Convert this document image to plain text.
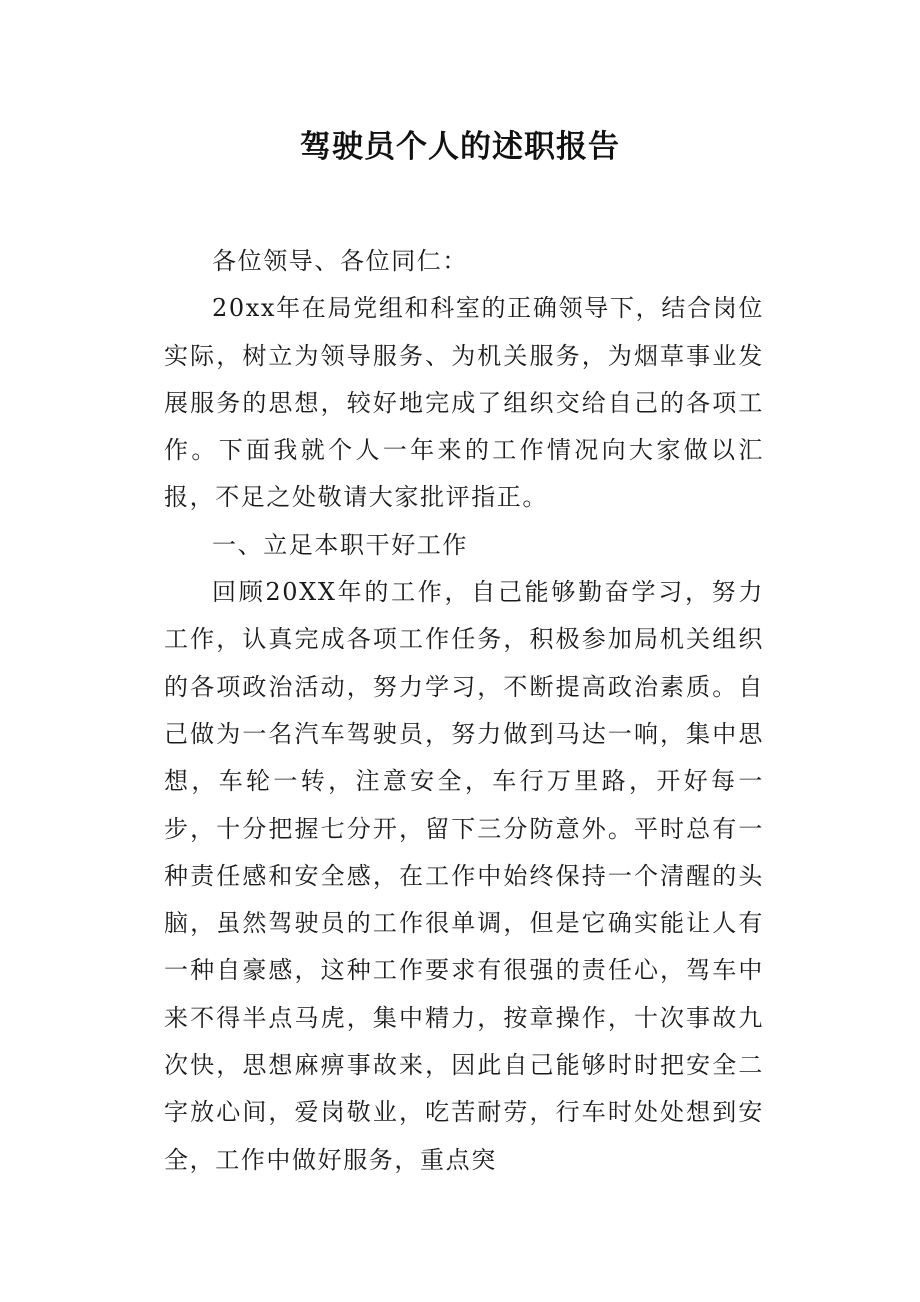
驾驶员个人的述职报告

各位领导、各位同仁：

20xx年在局党组和科室的正确领导下，结合岗位实际，树立为领导服务、为机关服务，为烟草事业发展服务的思想，较好地完成了组织交给自己的各项工作。下面我就个人一年来的工作情况向大家做以汇报，不足之处敬请大家批评指正。

一、立足本职干好工作

回顾20XX年的工作，自己能够勤奋学习，努力工作，认真完成各项工作任务，积极参加局机关组织的各项政治活动，努力学习，不断提高政治素质。自己做为一名汽车驾驶员，努力做到马达一响，集中思想，车轮一转，注意安全，车行万里路，开好每一步，十分把握七分开，留下三分防意外。平时总有一种责任感和安全感，在工作中始终保持一个清醒的头脑，虽然驾驶员的工作很单调，但是它确实能让人有一种自豪感，这种工作要求有很强的责任心，驾车中来不得半点马虎，集中精力，按章操作，十次事故九次快，思想麻痹事故来，因此自己能够时时把安全二字放心间，爱岗敬业，吃苦耐劳，行车时处处想到安全，工作中做好服务，重点突
